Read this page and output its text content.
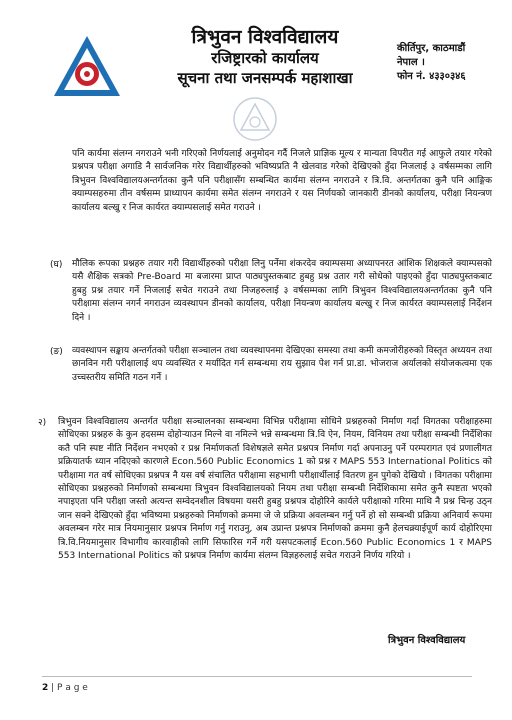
त्रिभुवन विश्वविद्यालय
रजिष्ट्रारको कार्यालय
सूचना तथा जनसम्पर्क महाशाखा
कीर्तिपुर, काठमाडौं
नेपाल ।
फोन नं. ४३३०३४६

पनि कार्यमा संलग्न नगराउने भनी गरिएको निर्णयलाई अनुमोदन गर्दै निजले प्राज्ञिक मूल्य र मान्यता विपरीत गई आफुले तयार गरेको प्रश्नपत्र परीक्षा अगाडि नै सार्वजनिक गरेर विद्यार्थीहरुको भविष्यप्रति नै खेलवाड गरेको देखिएको हुँदा निजलाई ३ वर्षसम्मका लागि त्रिभुवन विश्वविद्यालयअन्तर्गतका कुनै पनि परीक्षासँग सम्बन्धित कार्यमा संलग्न नगराउने र त्रि.वि. अन्तर्गतका कुनै पनि आङ्गिक क्याम्पसहरुमा तीन वर्षसम्म प्राध्यापन कार्यमा समेत संलग्न नगराउने र यस निर्णयको जानकारी डीनको कार्यालय, परीक्षा नियन्त्रण कार्यालय बल्खु र निज कार्यरत क्याम्पसलाई समेत गराउने ।

(घ) मौलिक रूपका प्रश्नहरु तयार गरी विद्यार्थीहरुको परीक्षा लिनु पर्नेमा शंकरदेव क्याम्पसमा अध्यापनरत आंशिक शिक्षकले क्याम्पसको यसै शैक्षिक सत्रको Pre-Board मा बजारमा प्राप्त पाठ्यपुस्तकबाट हुबहु प्रश्न उतार गरी सोधेको पाइएको हुँदा पाठ्यपुस्तकबाट हुबहु प्रश्न तयार गर्ने निजलाई सचेत गराउने तथा निजहरुलाई ३ वर्षसम्मका लागि त्रिभुवन विश्वविद्यालयअन्तर्गतका कुनै पनि परीक्षामा संलग्न नगर्न नगराउन व्यवस्थापन डीनको कार्यालय, परीक्षा नियन्त्रण कार्यालय बल्खु र निज कार्यरत क्याम्पसलाई निर्देशन दिने ।

(ङ) व्यवस्थापन सङ्काय अन्तर्गतको परीक्षा सञ्चालन तथा व्यवस्थापनमा देखिएका समस्या तथा कमी कमजोरीहरुको विस्तृत अध्ययन तथा छानविन गरी परीक्षालाई थप व्यवस्थित र मर्यादित गर्न सम्बन्धमा राय सुझाव पेश गर्न प्रा.डा. भोजराज अर्यालको संयोजकत्वमा एक उच्चस्तरीय समिति गठन गर्ने ।

२) त्रिभुवन विश्वविद्यालय अन्तर्गत परीक्षा सञ्चालनका सम्बन्धमा विभिन्न परीक्षामा सोधिने प्रश्नहरुको निर्माण गर्दा विगतका परीक्षाहरुमा सोधिएका प्रश्नहरु के कुन हदसम्म दोहोऱ्याउन मिल्ने वा नमिल्ने भन्ने सम्बन्धमा त्रि.वि ऐन, नियम, विनियम तथा परीक्षा सम्बन्धी निर्देशिका कतै पनि स्पष्ट नीति निर्देशन नभएको र प्रश्न निर्माणकर्ता विशेषज्ञले समेत प्रश्नपत्र निर्माण गर्दा अपनाउनु पर्ने परम्परागत एवं प्रणालीगत प्रक्रियातर्फ ध्यान नदिएको कारणले Econ.560 Public Economics 1 को प्रश्न र MAPS 553 International Politics को परीक्षामा गत वर्ष सोधिएका प्रश्नपत्र नै यस वर्ष संचालित परीक्षामा सहभागी परीक्षार्थीलाई वितरण हुन पुगेको देखियो । विगतका परीक्षामा सोधिएका प्रश्नहरुको निर्माणको सम्बन्धमा त्रिभुवन विश्वविद्यालयको नियम तथा परीक्षा सम्बन्धी निर्देशिकामा समेत कुनै स्पष्टता भएको नपाइएता पनि परीक्षा जस्तो अत्यन्त सम्वेदनशील विषयमा यसरी हुबहु प्रश्नपत्र दोहोरिने कार्यले परीक्षाको गरिमा माथि नै प्रश्न चिन्ह उठ्न जान सक्ने देखिएको हुँदा भविष्यमा प्रश्नहरुको निर्माणको क्रममा जे जे प्रक्रिया अवलम्बन गर्नु पर्ने हो सो सम्बन्धी प्रक्रिया अनिवार्य रूपमा अवलम्बन गरेर मात्र नियमानुसार प्रश्नपत्र निर्माण गर्नु गराउनु, अब उप्रान्त प्रश्नपत्र निर्माणको क्रममा कुनै हेलचक्र्याईपूर्ण कार्य दोहोरिएमा त्रि.वि.नियमानुसार विभागीय कारवाहीको लागि सिफारिस गर्ने गरी यसपटकलाई Econ.560 Public Economics 1 र MAPS 553 International Politics को प्रश्नपत्र निर्माण कार्यमा संलग्न विज्ञहरुलाई सचेत गराउने निर्णय गरियो ।

त्रिभुवन विश्वविद्यालय
2 | P a g e
